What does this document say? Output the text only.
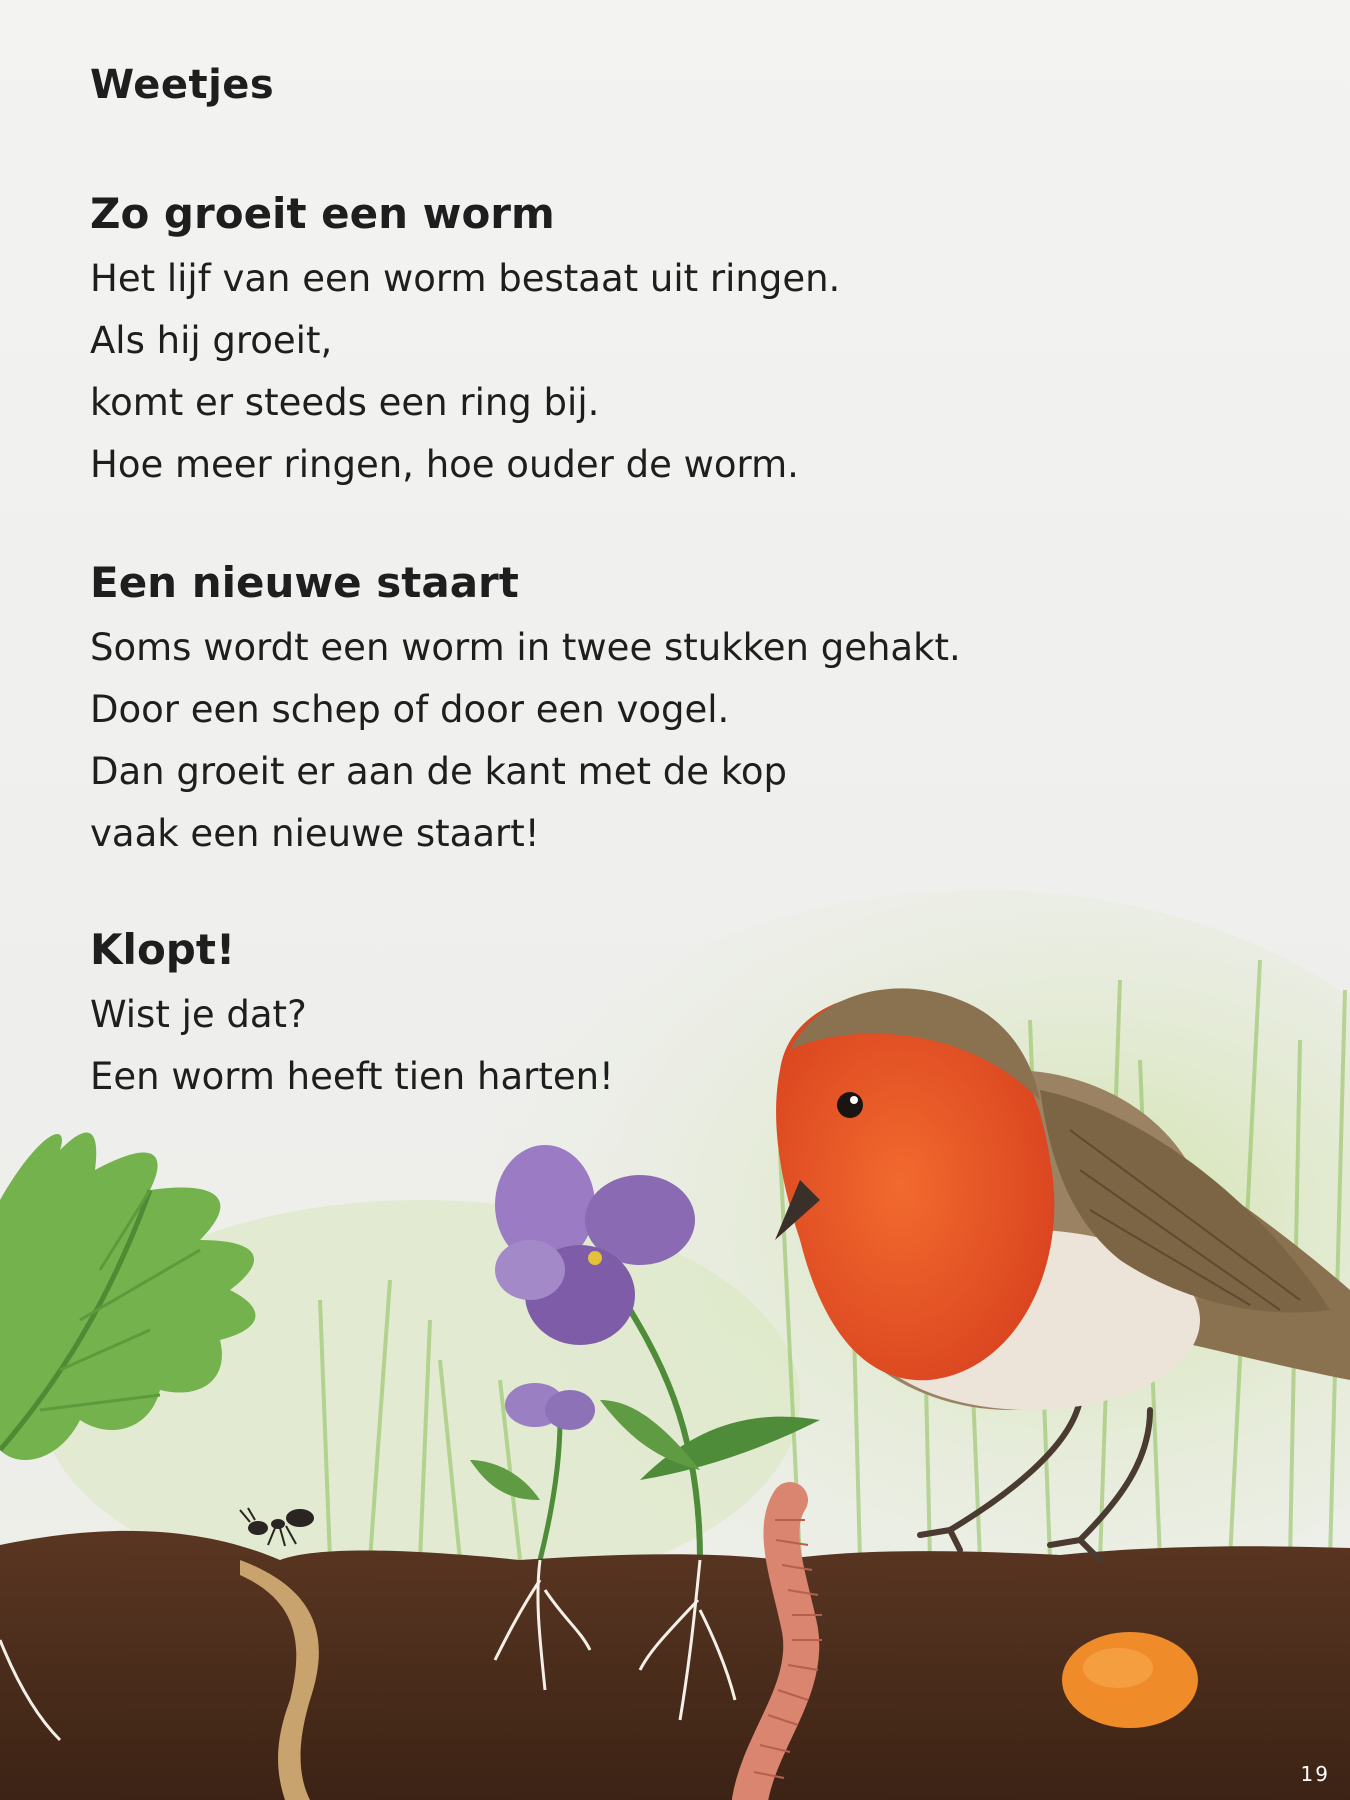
Weetjes

Zo groeit een worm

Het lijf van een worm bestaat uit ringen.

Als hij groeit,

komt er steeds een ring bij.

Hoe meer ringen, hoe ouder de worm.

Een nieuwe staart

Soms wordt een worm in twee stukken gehakt.

Door een schep of door een vogel.

Dan groeit er aan de kant met de kop

vaak een nieuwe staart!

Klopt!

Wist je dat?

Een worm heeft tien harten!

19
